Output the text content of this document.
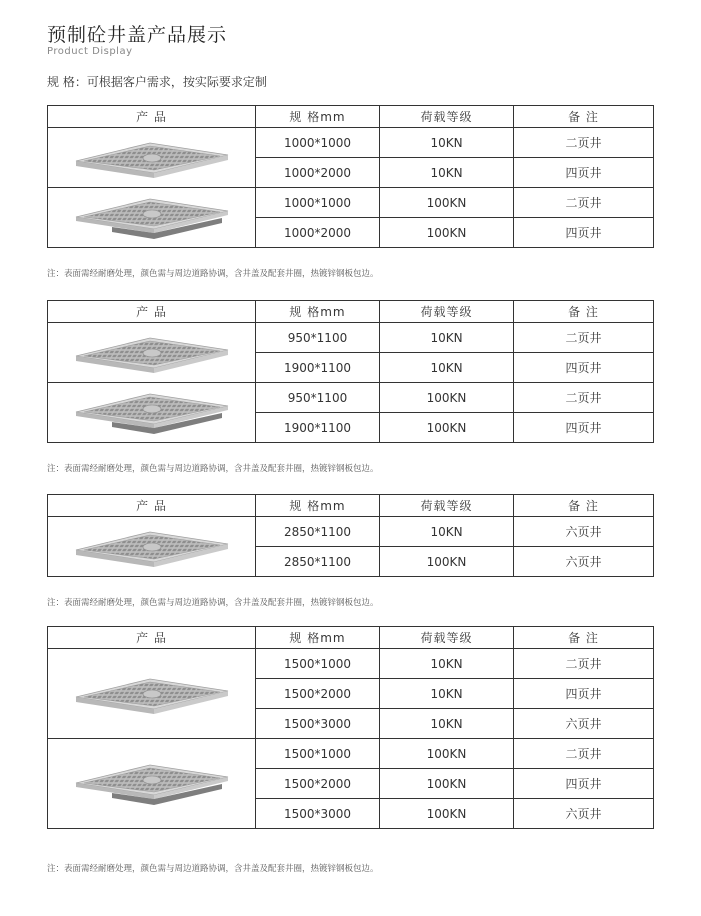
预制砼井盖产品展示
Product Display
规 格：可根据客户需求，按实际要求定制
产 品	规 格mm	荷载等级	备 注

	1000*1000	10KN	二页井
	1000*2000	10KN	四页井

	1000*1000	100KN	二页井
	1000*2000	100KN	四页井
注：表面需经耐磨处理，颜色需与周边道路协调，含井盖及配套井圈，热镀锌钢板包边。
产 品	规 格mm	荷载等级	备 注

	950*1100	10KN	二页井
	1900*1100	10KN	四页井

	950*1100	100KN	二页井
	1900*1100	100KN	四页井
注：表面需经耐磨处理，颜色需与周边道路协调，含井盖及配套井圈，热镀锌钢板包边。
产 品	规 格mm	荷载等级	备 注

	2850*1100	10KN	六页井
	2850*1100	100KN	六页井
注：表面需经耐磨处理，颜色需与周边道路协调，含井盖及配套井圈，热镀锌钢板包边。
产 品	规 格mm	荷载等级	备 注

	1500*1000	10KN	二页井
	1500*2000	10KN	四页井
	1500*3000	10KN	六页井

	1500*1000	100KN	二页井
	1500*2000	100KN	四页井
	1500*3000	100KN	六页井
注：表面需经耐磨处理，颜色需与周边道路协调，含井盖及配套井圈，热镀锌钢板包边。
